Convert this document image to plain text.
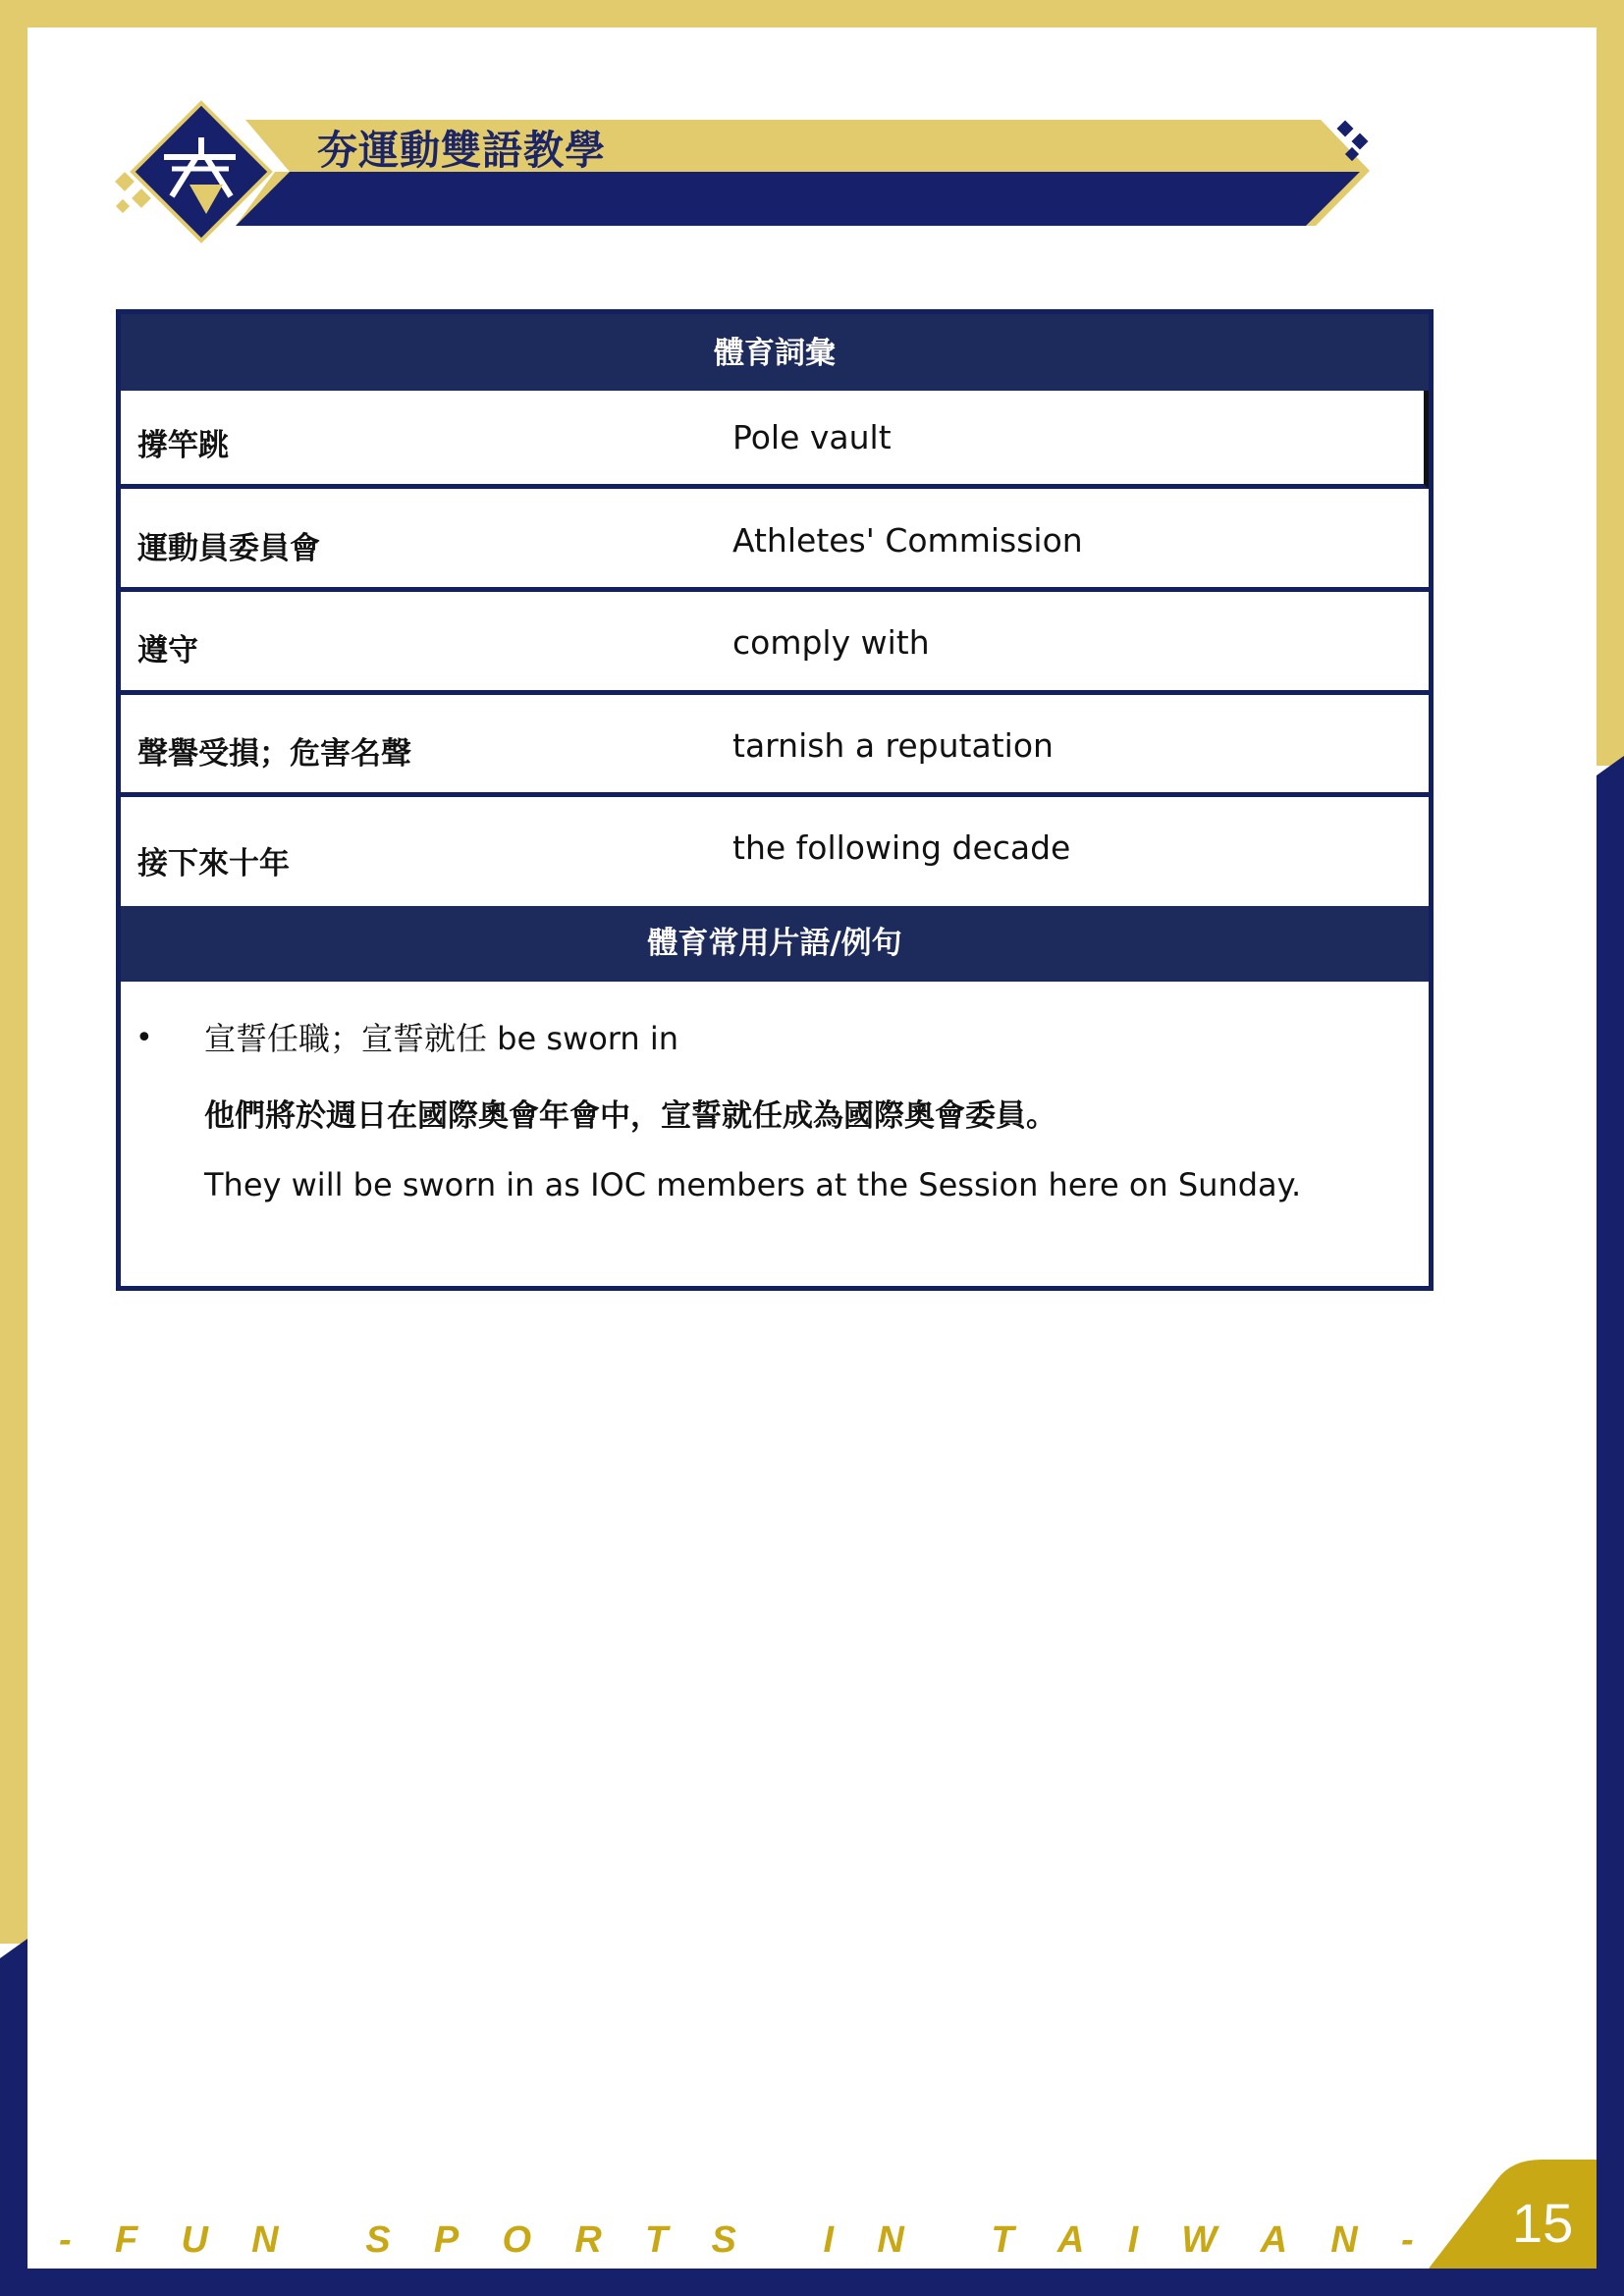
夯運動雙語教學
體育詞彙
撐竿跳	Pole vault
運動員委員會	Athletes' Commission
遵守	comply with
聲譽受損；危害名聲	tarnish a reputation
接下來十年	the following decade
體育常用片語/例句
• 宣誓任職；宣誓就任 be sworn in
他們將於週日在國際奧會年會中，宣誓就任成為國際奧會委員。
They will be sworn in as IOC members at the Session here on Sunday.
- F U N S P O R T S I N T A I W A N - 15
